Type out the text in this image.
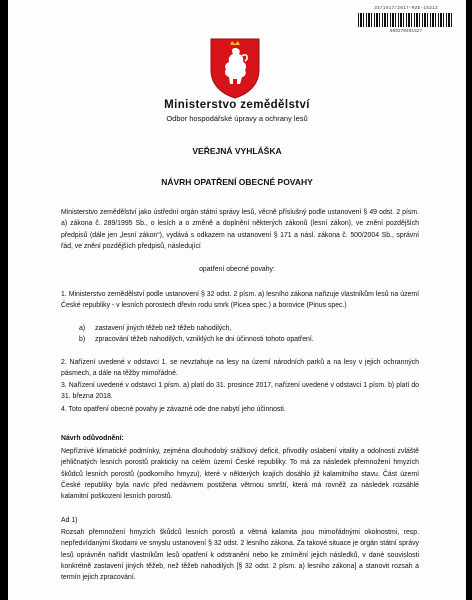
33/1617/2017-MZE-16212
000270401527
Ministerstvo zemědělství
Odbor hospodářské úpravy a ochrany lesů
VEŘEJNÁ VYHLÁŠKA
NÁVRH OPATŘENÍ OBECNÉ POVAHY
Ministerstvo zemědělství jako ústřední orgán státní správy lesů, věcně příslušný podle ustanovení § 49 odst. 2 písm. a) zákona č. 289/1995 Sb., o lesích a o změně a doplnění některých zákonů (lesní zákon), ve znění pozdějších předpisů (dále jen „lesní zákon“), vydává s odkazem na ustanovení § 171 a násl. zákona č. 500/2004 Sb., správní řád, ve znění pozdějších předpisů, následující
opatření obecné povahy:
1. Ministerstvo zemědělství podle ustanovení § 32 odst. 2 písm. a) lesního zákona nařizuje vlastníkům lesů na území České republiky - v lesních porostech dřevin rodu smrk (Picea spec.) a borovice (Pinus spec.)
a) zastavení jiných těžeb než těžeb nahodilých,
b) zpracování těžeb nahodilých, vzniklých ke dni účinnosti tohoto opatření.
2. Nařízení uvedené v odstavci 1. se nevztahuje na lesy na území národních parků a na lesy v jejich ochranných pásmech, a dále na těžby mimořádné.
3. Nařízení uvedené v odstavci 1 písm. a) platí do 31. prosince 2017, nařízení uvedené v odstavci 1 písm. b) platí do 31. března 2018.
4. Toto opatření obecné povahy je závazné ode dne nabytí jeho účinnosti.
Návrh odůvodnění:
Nepříznivé klimatické podmínky, zejména dlouhodobý srážkový deficit, přivodily oslabení vitality a odolnosti zvláště jehličnatých lesních porostů prakticky na celém území České republiky. To má za následek přemnožení hmyzích škůdců lesních porostů (podkorního hmyzu), které v některých krajích dosáhlo již kalamitního stavu. Část území České republiky byla navíc před nedávnem postižena větrnou smrští, která má rovněž za následek rozsáhlé kalamitní poškození lesních porostů.
Ad 1)
Rozsah přemnožení hmyzích škůdců lesních porostů a větrná kalamita jsou mimořádnými okolnostmi, resp. nepředvídanými škodami ve smyslu ustanovení § 32 odst. 2 lesního zákona. Za takové situace je orgán státní správy lesů oprávněn nařídit vlastníkům lesů opatření k odstranění nebo ke zmírnění jejich následků, v dané souvislosti konkrétně zastavení jiných těžeb, než těžeb nahodilých [§ 32 odst. 2 písm. a) lesního zákona] a stanovit rozsah a termín jejich zpracování.
